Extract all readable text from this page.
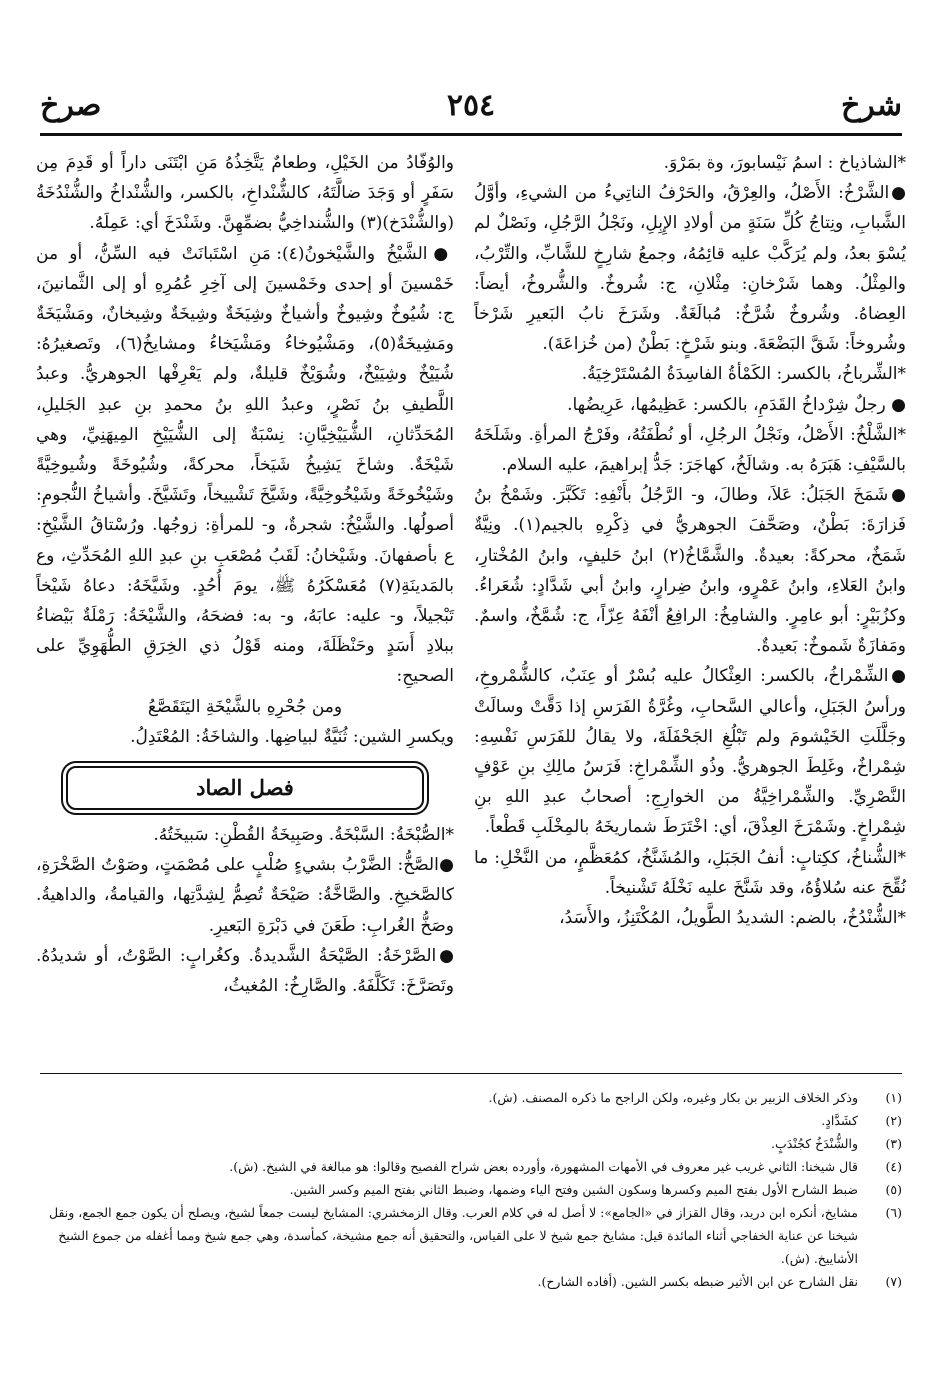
شرخ
٢٥٤
صرخ

*الشاذياخ : اسمُ نَيْسابورَ، وة بمَرْوَ.

●الشَّرْخُ: الأَصْلُ، والعِرْقُ، والحَرْفُ الناتِيءُ من الشيءِ، وأوَّلُ الشَّبابِ، ونِتاجُ كُلِّ سَنَةٍ من أولادِ الإِبِلِ، ونَجْلُ الرَّجُلِ، ونَصْلٌ لم يُسْوَ بعدُ، ولم يُرَكَّبْ عليه قائِمُهُ، وجمعُ شارِخٍ للشَّابِّ، والتِّرْبُ، والمِثْلُ. وهما شَرْخانِ: مِثْلانِ، ج: شُروخٌ. والشُّروخُ، أيضاً: العِضاهُ. وشُروخٌ شُرَّخٌ: مُبالَغَةٌ. وشَرَخَ نابُ البَعيرِ شَرْخاً وشُروخاً: شَقَّ البَضْعَةَ. وبنو شَرْخٍ: بَطْنٌ (من خُزاعَةَ).

*الشِّرباخُ، بالكسر: الكَمْأةُ الفاسِدَةُ المُسْتَرْخِيَةُ.

● رجلٌ شِرْداخُ القَدَمِ، بالكسر: عَظِيمُها، عَرِيضُها.

*الشَّلْخُ: الأَصْلُ، ونَجْلُ الرجُلِ، أو نُطْفَتُهُ، وفَرْجُ المرأةِ. وشَلَخَهُ بالسَّيْفِ: هَبَرَهُ به. وشالَخُ، كهاجَرَ: جَدُّ إبراهيمَ، عليه السلام.

●شَمَخَ الجَبَلُ: عَلاَ، وطالَ، و- الرَّجُلُ بأَنْفِهِ: تَكَبَّرَ. وشَمْخُ بنُ فَزارَةَ: بَطْنٌ، وصَحَّفَ الجوهريُّ في ذِكْرِهِ بالجيم(١). ونِيَّةٌ شَمَخٌ، محركةً: بعيدةٌ. والشَّمَّاخُ(٢) ابنُ حَليفٍ، وابنُ المُخْتارِ، وابنُ العَلاءِ، وابنُ عَمْرٍو، وابنُ ضِرارٍ، وابنُ أبي شَدَّادٍ: شُعَراءُ. وكزُبَيْرٍ: أبو عامِرٍ. والشامِخُ: الرافِعُ أنْفَهُ عِزّاً، ج: شُمَّخٌ، واسمٌ. ومَفازَةٌ شَموخٌ: بَعيدةٌ.

●الشِّمْراخُ، بالكسر: العِثْكالُ عليه بُسْرٌ أو عِنَبٌ، كالشُّمْروخِ، ورأسُ الجَبَلِ، وأعالي السَّحابِ، وغُرَّةُ الفَرَسِ إذا دَقَّتْ وسالَتْ وجَلَّلَتِ الخَيْشومَ ولم تَبْلُغِ الجَحْفَلَةَ، ولا يقالُ للفَرَسِ نَفْسِهِ: شِمْراخٌ، وغَلِطَ الجوهريُّ. وذُو الشِّمْراخِ: فَرَسُ مالِكِ بنِ عَوْفٍ النَّصْرِيِّ. والشِّمْراخِيَّةُ من الخوارِجِ: أصحابُ عبدِ اللهِ بنِ شِمْراخٍ. وشَمْرَخَ العِذْقَ، أي: اخْتَرَطَ شماريخَهُ بالمِخْلَبِ قَطْعاً.

*الشُّناخُ، ككِتابٍ: أنفُ الجَبَلِ، والمُشَنَّخُ، كمُعَظَّمٍ، من النَّخْلِ: ما نُقِّحَ عنه سُلاؤُهُ، وقد شَنَّخَ عليه نَخْلَهُ تَشْنيخاً.

*الشُّنْدُخُ، بالضم: الشديدُ الطَّويلُ، المُكْتَنِزُ، والأَسَدُ،

والوُفّادُ من الخَيْلِ، وطعامٌ يَتَّخِذُهُ مَنِ ابْتَنَى داراً أو قَدِمَ مِن سَفَرٍ أو وَجَدَ ضالَّتَهُ، كالشُّنْداخِ، بالكسر، والشُّنْداخُ والشُّنْدُخَةُ (والشُّنْدَخ)(٣) والشُّنداخِيُّ بضمِّهِنَّ. وشَنْدَخَ أي: عَمِلَهُ.

●الشَّيْخُ والشَّيْخونُ(٤): مَنِ اسْتَبانَتْ فيه السِّنُّ، أو من خَمْسينَ أو إحدى وخَمْسينَ إلى آخِرِ عُمُرِهِ أو إلى الثَّمانينَ، ج: شُيُوخٌ وشِيوخٌ وأشياخٌ وشِيَخَةٌ وشِيخَةٌ وشِيخانٌ، ومَشْيَخَةٌ ومَشِيخَةٌ(٥)، ومَشْيُوخاءُ ومَشْيَخاءُ ومشايخُ(٦)، وتَصغيرُهُ: شُيَيْخٌ وشِيَيْخٌ، وشُوَيْخٌ قليلةٌ، ولم يَعْرِفْها الجوهريُّ. وعبدُ اللَّطيفِ بنُ نَصْرٍ، وعبدُ اللهِ بنُ محمدِ بنِ عبدِ الجَليلِ، المُحَدِّثانِ، الشُّيَيْخِيَّانِ: نِسْبَةٌ إلى الشُّيَيْخِ المِيهَنِيِّ، وهي شَيْخَةٌ. وشاخَ يَشِيخُ شَيَخاً، محركةً، وشُيُوخَةً وشُيوخِيَّةً وشَيْخُوخَةً وشَيْخُوخِيَّةً، وشَيَّخَ تَشْييخاً، وتَشَيَّخَ. وأشياخُ النُّجومِ: أصولُها. والشَّيْخُ: شجرةٌ، و- للمرأةِ: زوجُها. ورُسْتاقُ الشَّيْخِ: ع بأصفهانَ. وشَيْخانُ: لَقَبُ مُصْعَبِ بنِ عبدِ اللهِ المُحَدِّثِ، وع بالمَدينَةِ(٧) مُعَسْكَرُهُ ﷺ، يومَ أُحُدٍ. وشَيَّخَهُ: دعاهُ شَيْخاً تَبْجيلاً، و- عليه: عابَهُ، و- به: فضحَهُ، والشَّيْخَةُ: رَمْلَةٌ بَيْضاءُ ببلادِ أَسَدٍ وحَنْظَلَةَ، ومنه قَوْلُ ذي الخِرَقِ الطُّهَوِيِّ على الصحيحِ:

ومن جُحْرِهِ بالشَّيْخَةِ اليَتَقَصَّعُ

ويكسرِ الشين: ثُنَيَّةٌ لبياضِها. والشاخَةُ: المُعْتَدِلُ.

فصل الصاد

*الصُّبْخَةُ: السَّبْخَةُ. وصَبِيخَةُ القُطْنِ: سَبيخَتُهُ.

●الصَّخُّ: الضَّرْبُ بشيءٍ صُلْبٍ على مُصْمَتٍ، وصَوْتُ الصَّخْرَةِ، كالصَّخيخِ. والصَّاخَّةُ: صَيْحَةٌ تُصِمُّ لِشِدَّتِها، والقيامةُ، والداهيةُ. وصَخُّ الغُرابِ: طَعَنَ في دَبْرَةِ البَعيرِ.

●الصَّرْخَةُ: الصَّيْحَةُ الشَّديدةُ. وكغُرابٍ: الصَّوْتُ، أو شديدُهُ. وتَصَرَّخَ: تَكَلَّفَهُ. والصَّارِخُ: المُغيثُ،

(١)
وذكر الخلاف الزبير بن بكار وغيره، ولكن الراجح ما ذكره المصنف. (ش).

(٢)
كشَدَّادٍ.

(٣)
والشُّنْدَخُ كجُنْدَبٍ.

(٤)
قال شيخنا: الثاني غريب غير معروف في الأمهات المشهورة، وأورده بعض شراح الفصيح وقالوا: هو مبالغة في الشيخ. (ش).

(٥)
ضبط الشارح الأول بفتح الميم وكسرها وسكون الشين وفتح الياء وضمها، وضبط الثاني بفتح الميم وكسر الشين.

(٦)
مشايخ، أنكره ابن دريد، وقال القزاز في «الجامع»: لا أصل له في كلام العرب. وقال الزمخشري: المشايخ ليست جمعاً لشيخ، ويصلح أن يكون جمع الجمع، ونقل شيخنا عن عناية الخفاجي أثناء المائدة قيل: مشايخ جمع شيخ لا على القياس، والتحقيق أنه جمع مشيخة، كمأسدة، وهي جمع شيخ ومما أغفله من جموع الشيخ الأشاييخ. (ش).

(٧)
نقل الشارح عن ابن الأثير ضبطه بكسر الشين. (أفاده الشارح).
